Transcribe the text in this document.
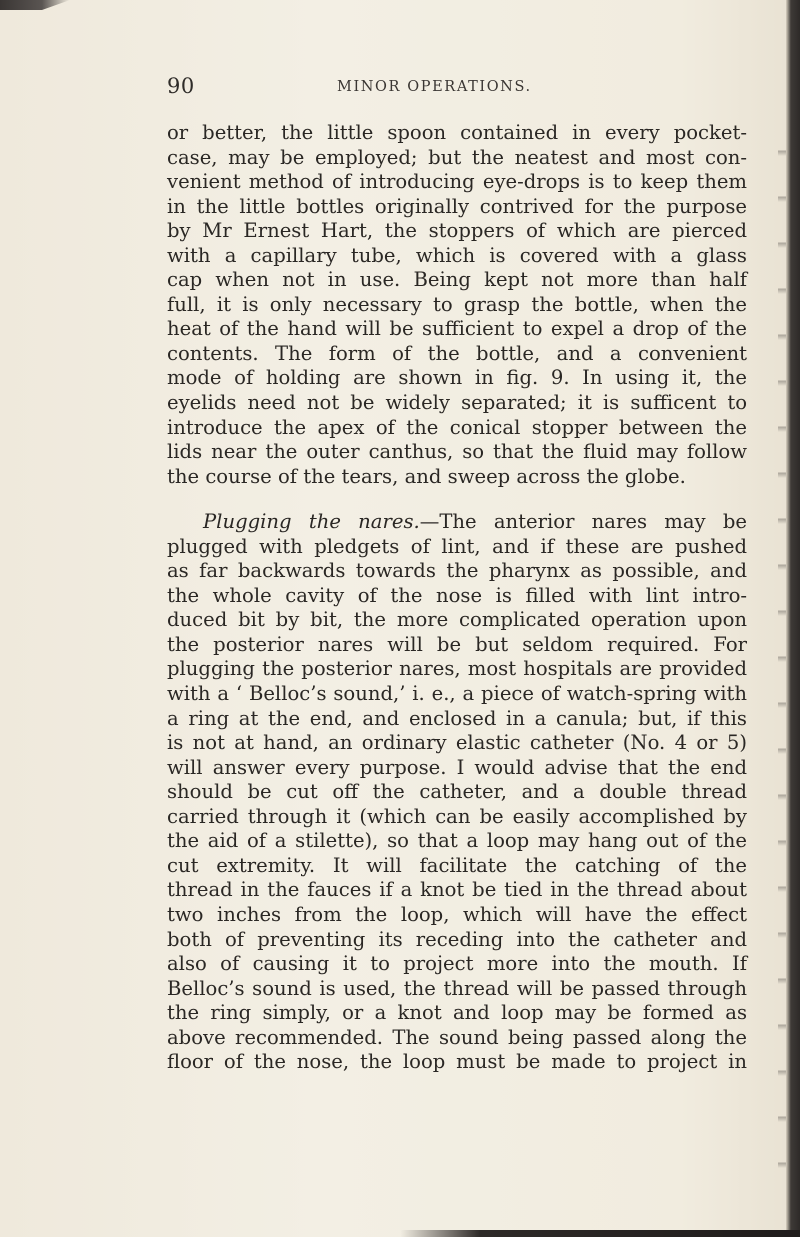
90	MINOR OPERATIONS.
or better, the little spoon contained in every pocket-
case, may be employed; but the neatest and most con-
venient method of introducing eye-drops is to keep them
in the little bottles originally contrived for the purpose
by Mr Ernest Hart, the stoppers of which are pierced
with a capillary tube, which is covered with a glass
cap when not in use. Being kept not more than half
full, it is only necessary to grasp the bottle, when the
heat of the hand will be sufficient to expel a drop of the
contents. The form of the bottle, and a convenient
mode of holding are shown in fig. 9. In using it, the
eyelids need not be widely separated; it is sufficent to
introduce the apex of the conical stopper between the
lids near the outer canthus, so that the fluid may follow
the course of the tears, and sweep across the globe.
Plugging the nares.—The anterior nares may be
plugged with pledgets of lint, and if these are pushed
as far backwards towards the pharynx as possible, and
the whole cavity of the nose is filled with lint intro-
duced bit by bit, the more complicated operation upon
the posterior nares will be but seldom required. For
plugging the posterior nares, most hospitals are provided
with a ‘ Belloc’s sound,’ i. e., a piece of watch-spring with
a ring at the end, and enclosed in a canula; but, if this
is not at hand, an ordinary elastic catheter (No. 4 or 5)
will answer every purpose. I would advise that the end
should be cut off the catheter, and a double thread
carried through it (which can be easily accomplished by
the aid of a stilette), so that a loop may hang out of the
cut extremity. It will facilitate the catching of the
thread in the fauces if a knot be tied in the thread about
two inches from the loop, which will have the effect
both of preventing its receding into the catheter and
also of causing it to project more into the mouth. If
Belloc’s sound is used, the thread will be passed through
the ring simply, or a knot and loop may be formed as
above recommended. The sound being passed along the
floor of the nose, the loop must be made to project in
